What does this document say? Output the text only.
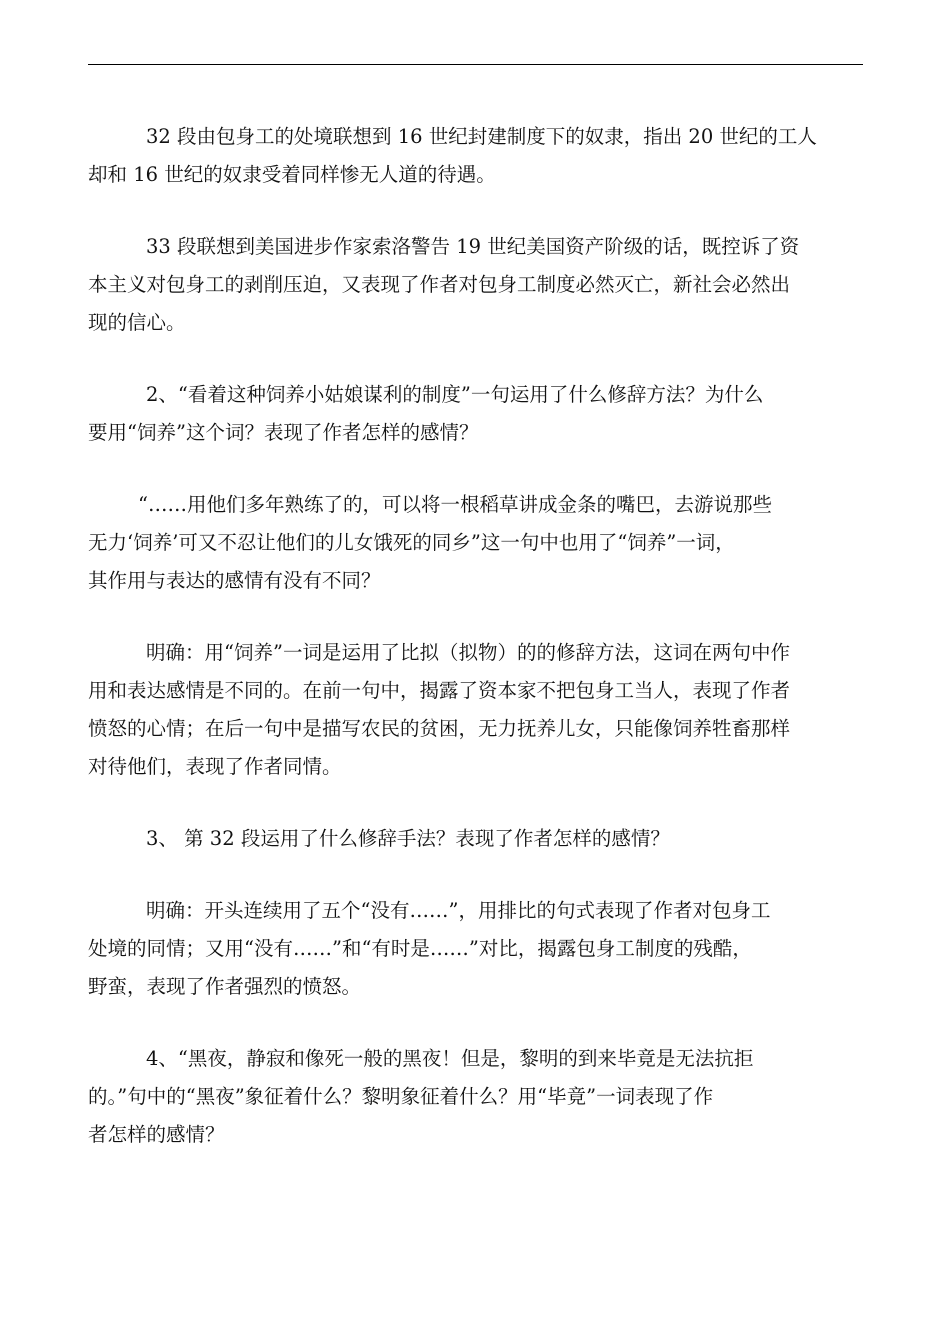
32 段由包身工的处境联想到 16 世纪封建制度下的奴隶，指出 20 世纪的工人
却和 16 世纪的奴隶受着同样惨无人道的待遇。
33 段联想到美国进步作家索洛警告 19 世纪美国资产阶级的话，既控诉了资
本主义对包身工的剥削压迫，又表现了作者对包身工制度必然灭亡，新社会必然出
现的信心。
2、“看着这种饲养小姑娘谋利的制度”一句运用了什么修辞方法？为什么
要用“饲养”这个词？表现了作者怎样的感情？
“……用他们多年熟练了的，可以将一根稻草讲成金条的嘴巴，去游说那些
无力‘饲养’可又不忍让他们的儿女饿死的同乡”这一句中也用了“饲养”一词，
其作用与表达的感情有没有不同？
明确：用“饲养”一词是运用了比拟（拟物）的的修辞方法，这词在两句中作
用和表达感情是不同的。在前一句中，揭露了资本家不把包身工当人，表现了作者
愤怒的心情；在后一句中是描写农民的贫困，无力抚养儿女，只能像饲养牲畜那样
对待他们，表现了作者同情。
3、 第 32 段运用了什么修辞手法？表现了作者怎样的感情？
明确：开头连续用了五个“没有……”，用排比的句式表现了作者对包身工
处境的同情；又用“没有……”和“有时是……”对比，揭露包身工制度的残酷，
野蛮，表现了作者强烈的愤怒。
4、“黑夜，静寂和像死一般的黑夜！但是，黎明的到来毕竟是无法抗拒
的。”句中的“黑夜”象征着什么？黎明象征着什么？用“毕竟”一词表现了作
者怎样的感情？
